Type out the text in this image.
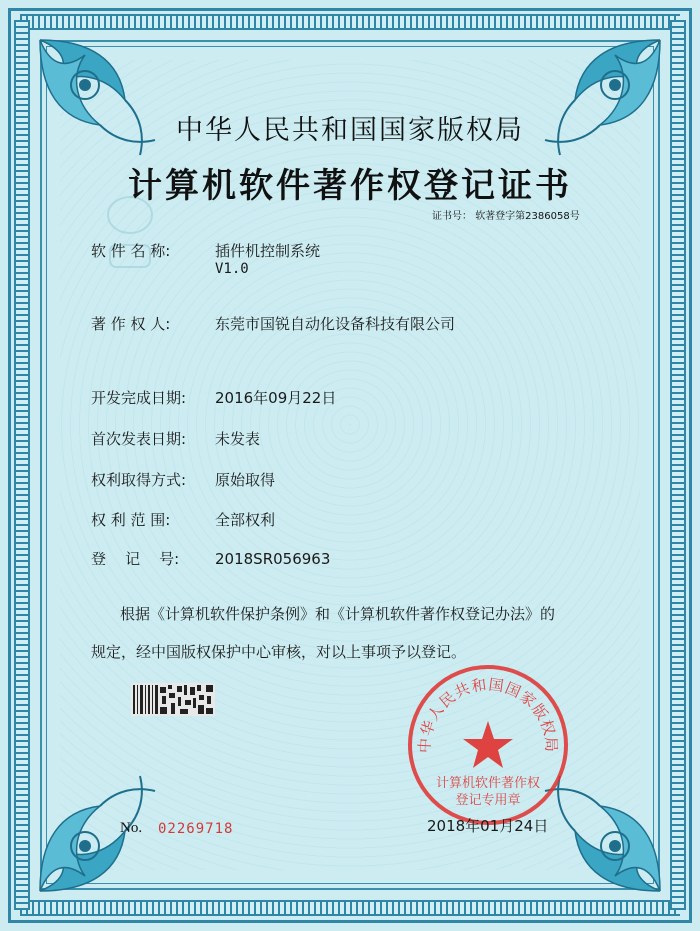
中华人民共和国国家版权局
计算机软件著作权登记证书
证书号： 软著登字第2386058号
软 件 名 称:	插件机控制系统
V1.0
著 作 权 人:	东莞市国锐自动化设备科技有限公司
开发完成日期: 2016年09月22日
首次发表日期: 未发表
权利取得方式: 原始取得
权 利 范 围:	全部权利
登    记    号: 2018SR056963
根据《计算机软件保护条例》和《计算机软件著作权登记办法》的
规定，经中国版权保护中心审核，对以上事项予以登记。
No. 02269718
中华人民共和国国家版权局
计算机软件著作权
登记专用章
2018年01月24日
